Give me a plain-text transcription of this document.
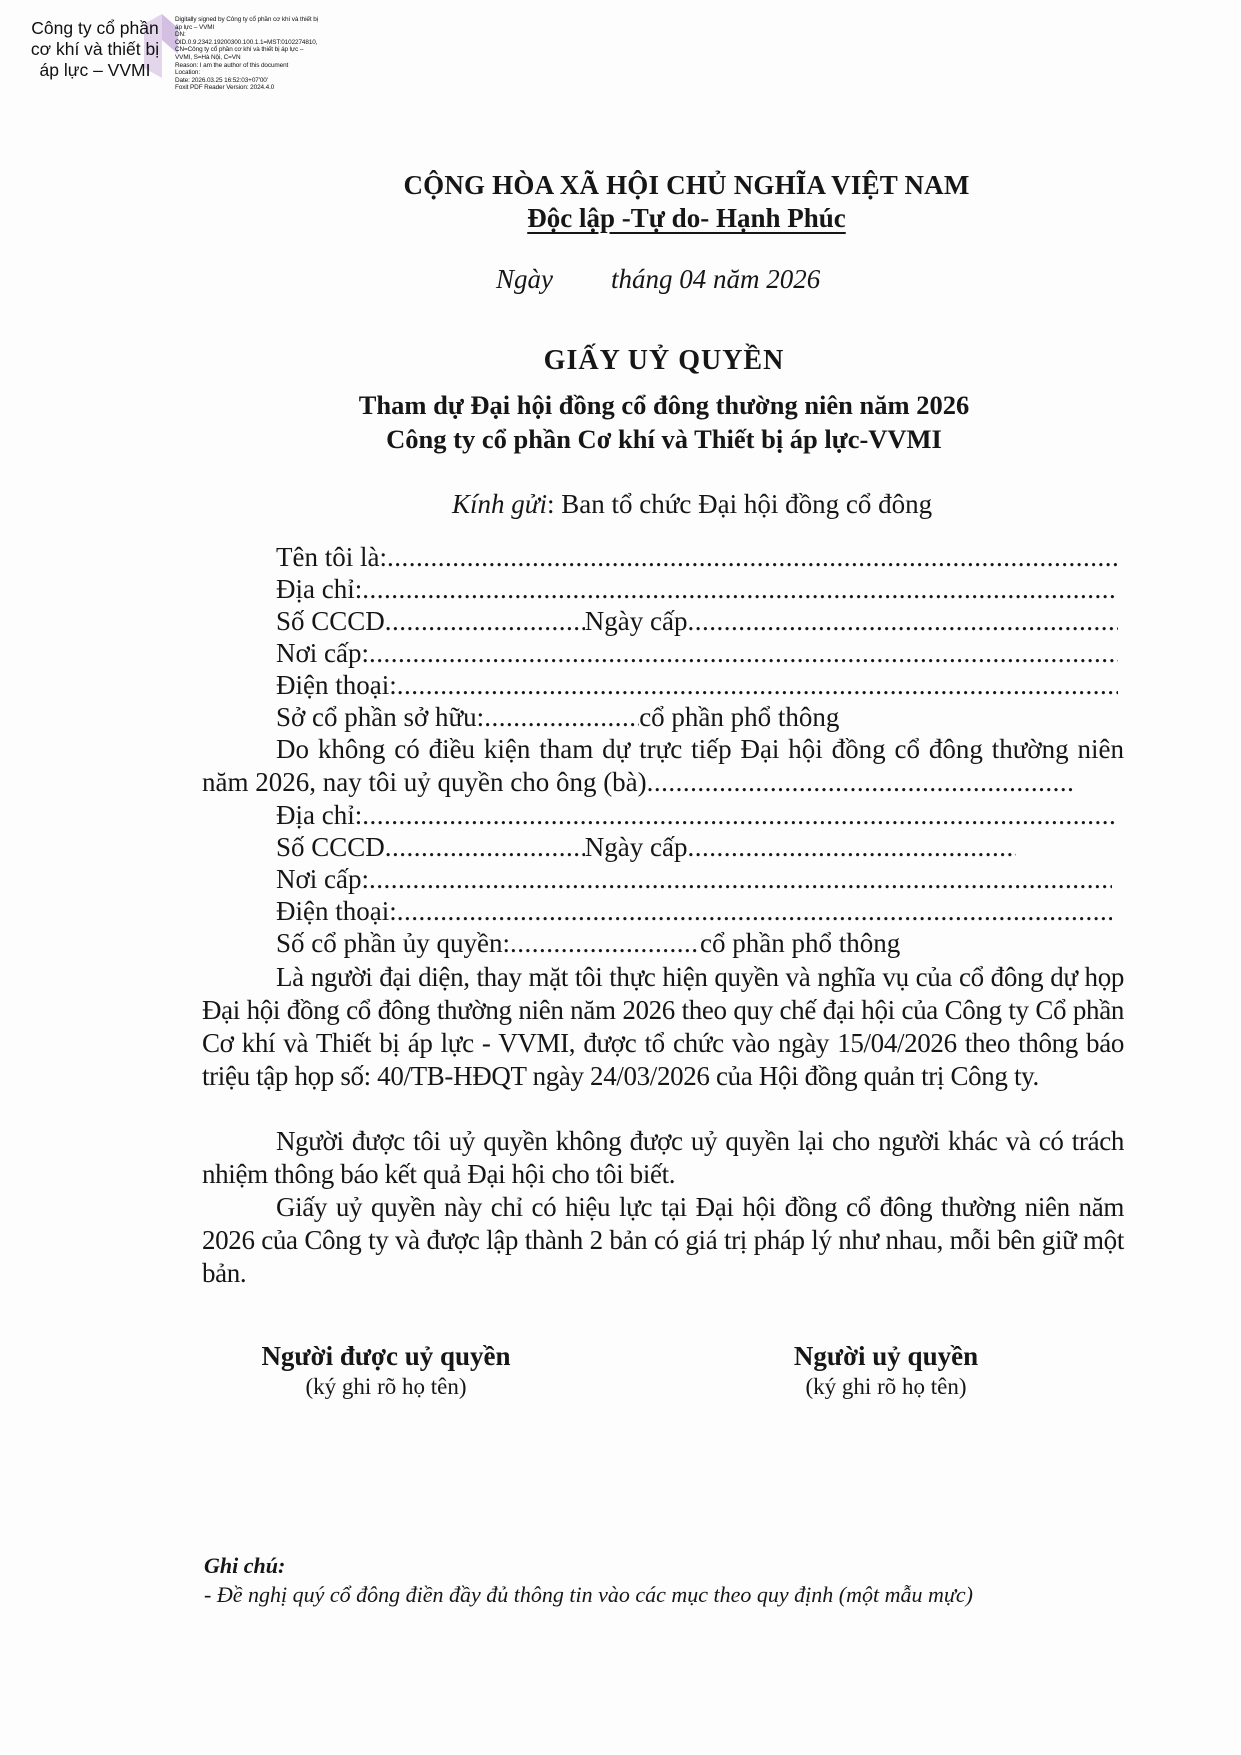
Công ty cổ phần cơ khí và thiết bị áp lực – VVMI
Digitally signed by Công ty cổ phần cơ khí và thiết bị áp lực – VVMI
DN: OID.0.9.2342.19200300.100.1.1=MST:0102274810, CN=Công ty cổ phần cơ khí và thiết bị áp lực – VVMI, S=Hà Nội, C=VN
Reason: I am the author of this document
Location:
Date: 2026.03.25 16:52:03+07'00'
Foxit PDF Reader Version: 2024.4.0
CỘNG HÒA XÃ HỘI CHỦ NGHĨA VIỆT NAM
Độc lập -Tự do- Hạnh Phúc
Ngày tháng 04 năm 2026
GIẤY UỶ QUYỀN
Tham dự Đại hội đồng cổ đông thường niên năm 2026
Công ty cổ phần Cơ khí và Thiết bị áp lực-VVMI
Kính gửi: Ban tổ chức Đại hội đồng cổ đông
Tên tôi là:
.....
Địa chỉ:
.....
Số CCCD .....	Ngày cấp
.....
Nơi cấp:
.....
Điện thoại:
.....
Sở cổ phần sở hữu: .....	cổ phần phổ thông
Do không có điều kiện tham dự trực tiếp Đại hội đồng cổ đông thường niên năm 2026, nay tôi uỷ quyền cho ông (bà)...........................................................
Địa chỉ:
.....
Số CCCD .....	Ngày cấp
.....
Nơi cấp:
.....
Điện thoại:
.....
Số cổ phần ủy quyền: .....	cổ phần phổ thông
Là người đại diện, thay mặt tôi thực hiện quyền và nghĩa vụ của cổ đông dự họp Đại hội đồng cổ đông thường niên năm 2026 theo quy chế đại hội của Công ty Cổ phần Cơ khí và Thiết bị áp lực - VVMI, được tổ chức vào ngày 15/04/2026 theo thông báo triệu tập họp số: 40/TB-HĐQT ngày 24/03/2026 của Hội đồng quản trị Công ty.
Người được tôi uỷ quyền không được uỷ quyền lại cho người khác và có trách nhiệm thông báo kết quả Đại hội cho tôi biết.
Giấy uỷ quyền này chỉ có hiệu lực tại Đại hội đồng cổ đông thường niên năm 2026 của Công ty và được lập thành 2 bản có giá trị pháp lý như nhau, mỗi bên giữ một bản.
Người được uỷ quyền
(ký ghi rõ họ tên)
Người uỷ quyền
(ký ghi rõ họ tên)
Ghi chú:
- Đề nghị quý cổ đông điền đầy đủ thông tin vào các mục theo quy định (một mẫu mực)
